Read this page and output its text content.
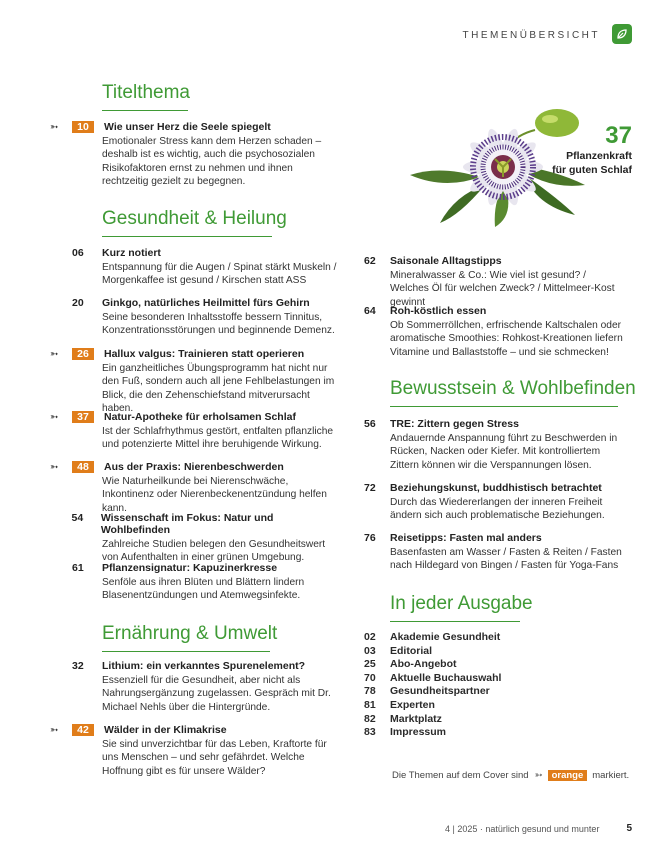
THEMENÜBERSICHT
37
Pflanzenkraft
für guten Schlaf
Titelthema
➳	10	Wie unser Herz die Seele spiegelt
Emotionaler Stress kann dem Herzen schaden – deshalb ist es wichtig, auch die psychosozialen Risikofaktoren ernst zu nehmen und ihnen rechtzeitig gezielt zu begegnen.
Gesundheit & Heilung
06	Kurz notiert
Entspannung für die Augen / Spinat stärkt Muskeln / Morgenkaffee ist gesund / Kirschen statt ASS
20	Ginkgo, natürliches Heilmittel fürs Gehirn
Seine besonderen Inhaltsstoffe bessern Tinnitus, Konzentrationsstörungen und beginnende Demenz.
➳	26	Hallux valgus: Trainieren statt operieren
Ein ganzheitliches Übungsprogramm hat nicht nur den Fuß, sondern auch all jene Fehlbelastungen im Blick, die den Zehenschiefstand mitverursacht haben.
➳	37	Natur-Apotheke für erholsamen Schlaf
Ist der Schlafrhythmus gestört, entfalten pflanzliche und potenzierte Mittel ihre beruhigende Wirkung.
➳	48	Aus der Praxis: Nierenbeschwerden
Wie Naturheilkunde bei Nierenschwäche, Inkontinenz oder Nierenbeckenentzündung helfen kann.
54	Wissenschaft im Fokus: Natur und Wohlbefinden
Zahlreiche Studien belegen den Gesundheitswert von Aufenthalten in einer grünen Umgebung.
61	Pflanzensignatur: Kapuzinerkresse
Senföle aus ihren Blüten und Blättern lindern Blasenentzündungen und Atemwegsinfekte.
Ernährung & Umwelt
32	Lithium: ein verkanntes Spurenelement?
Essenziell für die Gesundheit, aber nicht als Nahrungsergänzung zugelassen. Gespräch mit Dr. Michael Nehls über die Hintergründe.
➳	42	Wälder in der Klimakrise
Sie sind unverzichtbar für das Leben, Kraftorte für uns Menschen – und sehr gefährdet. Welche Hoffnung gibt es für unsere Wälder?
62	Saisonale Alltagstipps
Mineralwasser & Co.: Wie viel ist gesund? / Welches Öl für welchen Zweck? / Mittelmeer-Kost gewinnt
64	Roh-köstlich essen
Ob Sommerröllchen, erfrischende Kaltschalen oder aromatische Smoothies: Rohkost-Kreationen liefern Vitamine und Ballaststoffe – und sie schmecken!
Bewusstsein & Wohlbefinden
56	TRE: Zittern gegen Stress
Andauernde Anspannung führt zu Beschwerden in Rücken, Nacken oder Kiefer. Mit kontrolliertem Zittern können wir die Verspannungen lösen.
72	Beziehungskunst, buddhistisch betrachtet
Durch das Wiedererlangen der inneren Freiheit ändern sich auch problematische Beziehungen.
76	Reisetipps: Fasten mal anders
Basenfasten am Wasser / Fasten & Reiten / Fasten nach Hildegard von Bingen / Fasten für Yoga-Fans
In jeder Ausgabe
02	Akademie Gesundheit
03	Editorial
25	Abo-Angebot
70	Aktuelle Buchauswahl
78	Gesundheitspartner
81	Experten
82	Marktplatz
83	Impressum
Die Themen auf dem Cover sind ➳ orange markiert.
4 | 2025 · natürlich gesund und munter	5
